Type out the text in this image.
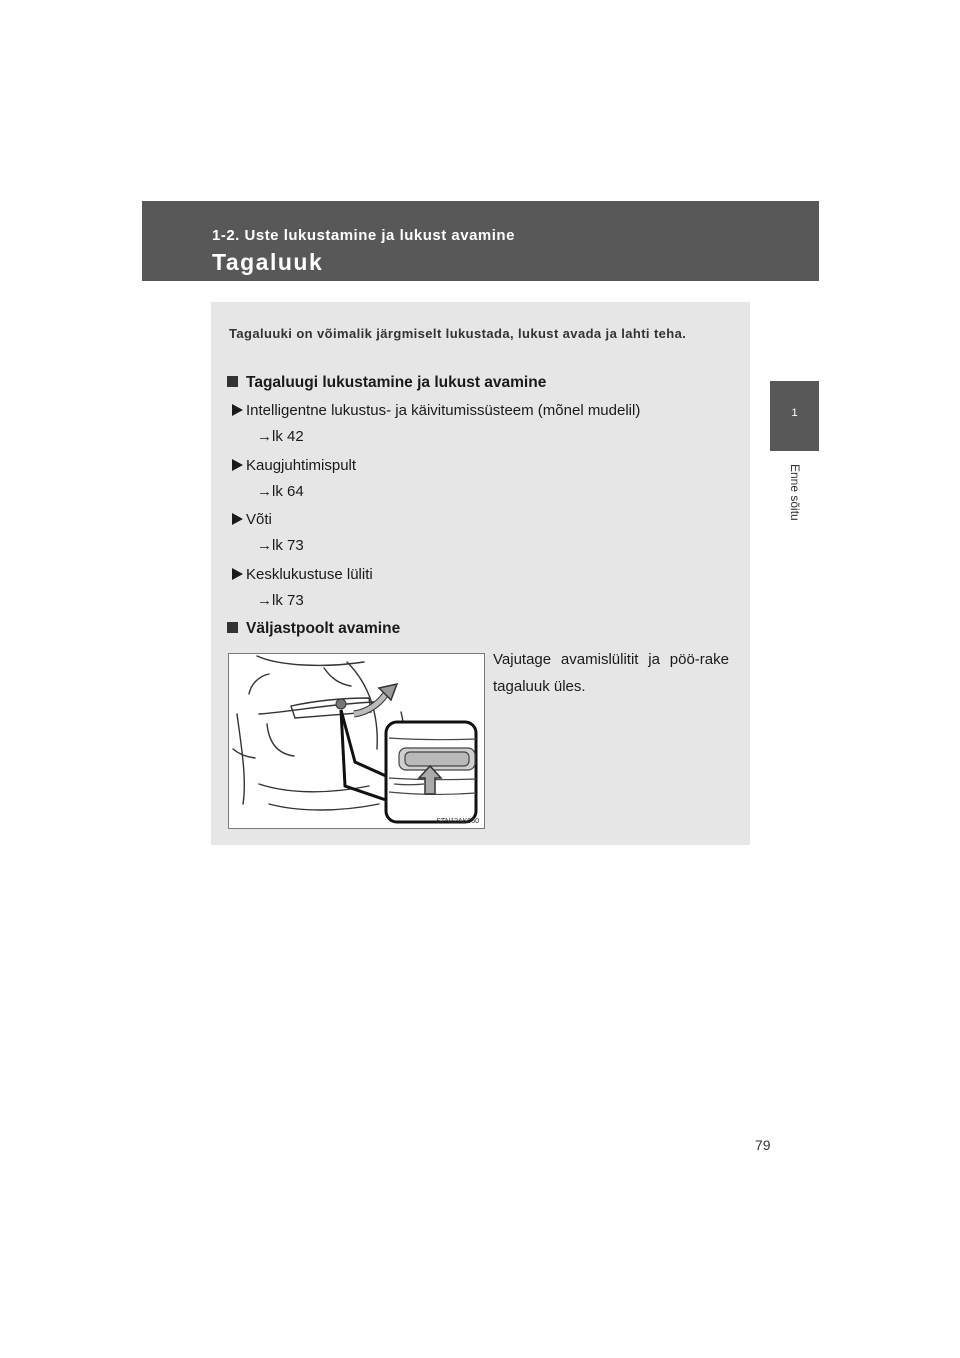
1-2. Uste lukustamine ja lukust avamine
Tagaluuk
1
Enne sõitu
Tagaluuki on võimalik järgmiselt lukustada, lukust avada ja lahti teha.
Tagaluugi lukustamine ja lukust avamine
Intelligentne lukustus- ja käivitumissüsteem (mõnel mudelil)
→lk 42
Kaugjuhtimispult
→lk 64
Võti
→lk 73
Kesklukustuse lüliti
→lk 73
Väljastpoolt avamine
Vajutage avamislülitit ja pöö-rake tagaluuk üles.
STN12AK050
79
